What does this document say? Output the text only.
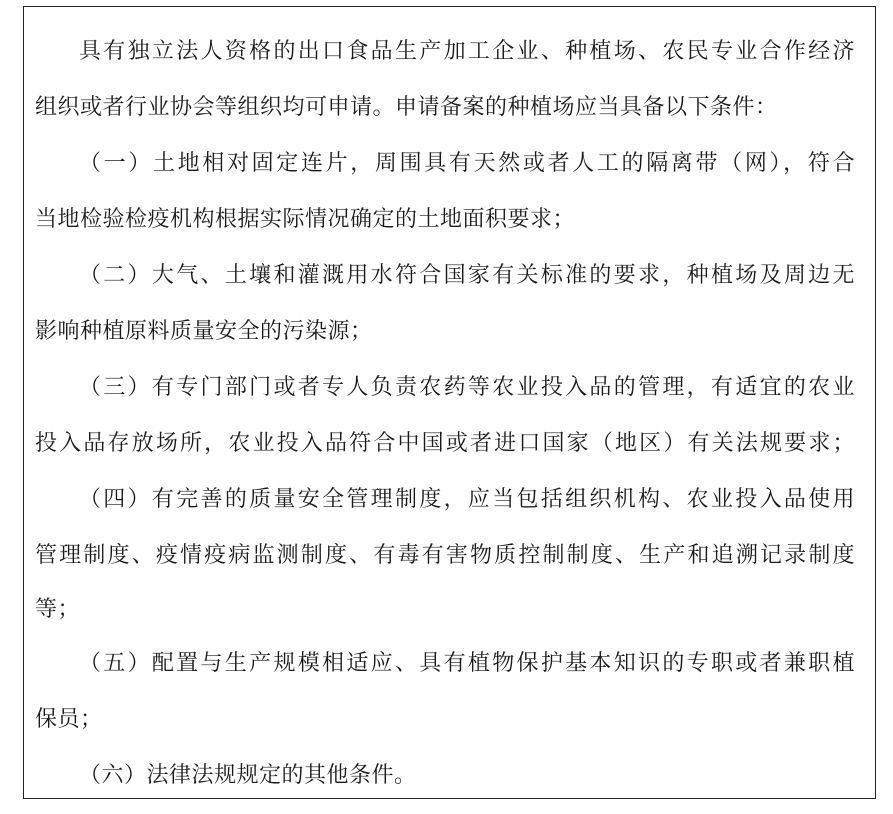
具有独立法人资格的出口食品生产加工企业、种植场、农民专业合作经济
组织或者行业协会等组织均可申请。申请备案的种植场应当具备以下条件：

（一）土地相对固定连片，周围具有天然或者人工的隔离带（网），符合
当地检验检疫机构根据实际情况确定的土地面积要求；

（二）大气、土壤和灌溉用水符合国家有关标准的要求，种植场及周边无
影响种植原料质量安全的污染源；

（三）有专门部门或者专人负责农药等农业投入品的管理，有适宜的农业
投入品存放场所，农业投入品符合中国或者进口国家（地区）有关法规要求；

（四）有完善的质量安全管理制度，应当包括组织机构、农业投入品使用
管理制度、疫情疫病监测制度、有毒有害物质控制制度、生产和追溯记录制度
等；

（五）配置与生产规模相适应、具有植物保护基本知识的专职或者兼职植
保员；

（六）法律法规规定的其他条件。
